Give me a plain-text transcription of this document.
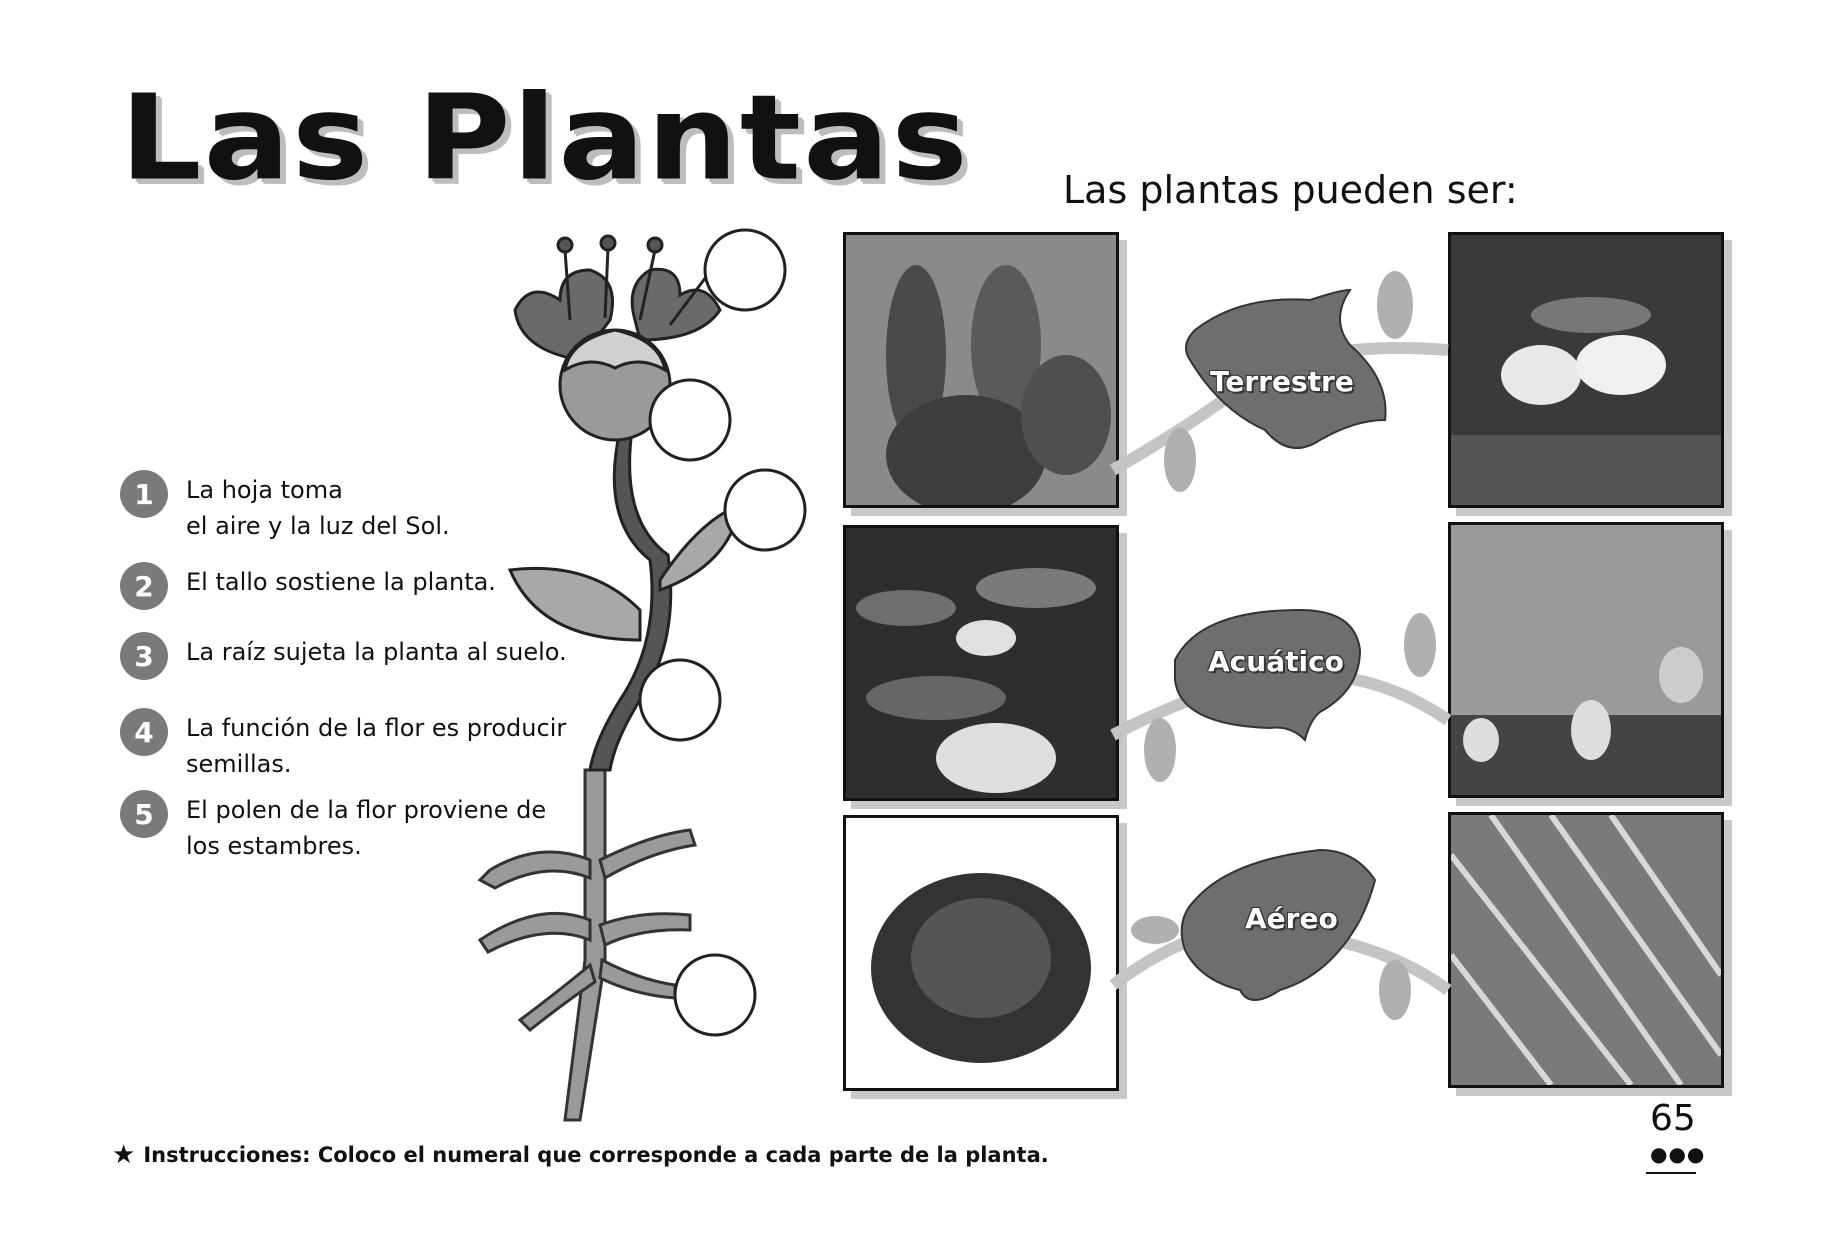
Las Plantas Las plantas pueden ser:
1	La hoja toma
el aire y la luz del Sol.
2	El tallo sostiene la planta.
3	La raíz sujeta la planta al suelo.
4	La función de la flor es producir
semillas.
5	El polen de la flor proviene de
los estambres.
Terrestre
Acuático
Aéreo
★ Instrucciones: Coloco el numeral que corresponde a cada parte de la planta.
65
●●●
